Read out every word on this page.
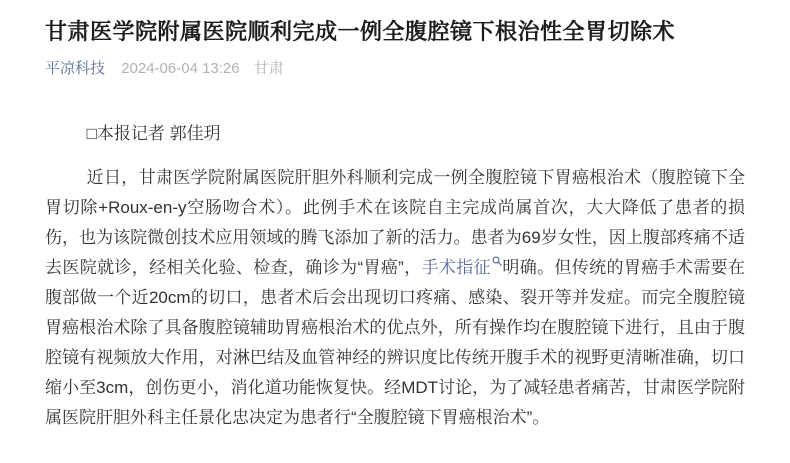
甘肃医学院附属医院顺利完成一例全腹腔镜下根治性全胃切除术
平凉科技 2024-06-04 13:26 甘肃

□本报记者 郭佳玥

近日，甘肃医学院附属医院肝胆外科顺利完成一例全腹腔镜下胃癌根治术（腹腔镜下全胃切除+Roux-en-y空肠吻合术）。此例手术在该院自主完成尚属首次，大大降低了患者的损伤，也为该院微创技术应用领域的腾飞添加了新的活力。患者为69岁女性，因上腹部疼痛不适去医院就诊，经相关化验、检查，确诊为“胃癌”，手术指征 明确。但传统的胃癌手术需要在腹部做一个近20cm的切口，患者术后会出现切口疼痛、感染、裂开等并发症。而完全腹腔镜胃癌根治术除了具备腹腔镜辅助胃癌根治术的优点外，所有操作均在腹腔镜下进行，且由于腹腔镜有视频放大作用，对淋巴结及血管神经的辨识度比传统开腹手术的视野更清晰准确，切口缩小至3cm，创伤更小，消化道功能恢复快。经MDT讨论，为了减轻患者痛苦，甘肃医学院附属医院肝胆外科主任景化忠决定为患者行“全腹腔镜下胃癌根治术”。
